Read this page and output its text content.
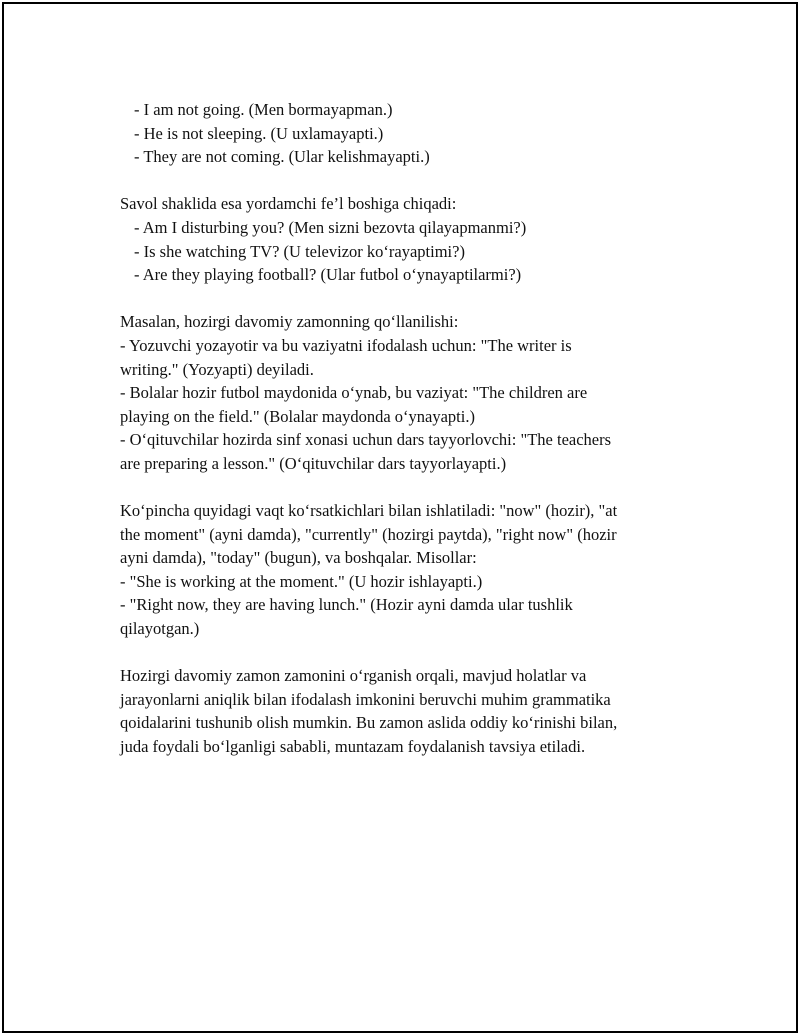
- I am not going. (Men bormayapman.)
- He is not sleeping. (U uxlamayapti.)
- They are not coming. (Ular kelishmayapti.)
Savol shaklida esa yordamchi fe’l boshiga chiqadi:
- Am I disturbing you? (Men sizni bezovta qilayapmanmi?)
- Is she watching TV? (U televizor ko‘rayaptimi?)
- Are they playing football? (Ular futbol o‘ynayaptilarmi?)
Masalan, hozirgi davomiy zamonning qo‘llanilishi:
- Yozuvchi yozayotir va bu vaziyatni ifodalash uchun: "The writer is
writing." (Yozyapti) deyiladi.
- Bolalar hozir futbol maydonida o‘ynab, bu vaziyat: "The children are
playing on the field." (Bolalar maydonda o‘ynayapti.)
- O‘qituvchilar hozirda sinf xonasi uchun dars tayyorlovchi: "The teachers
are preparing a lesson." (O‘qituvchilar dars tayyorlayapti.)
Ko‘pincha quyidagi vaqt ko‘rsatkichlari bilan ishlatiladi: "now" (hozir), "at
the moment" (ayni damda), "currently" (hozirgi paytda), "right now" (hozir
ayni damda), "today" (bugun), va boshqalar. Misollar:
- "She is working at the moment." (U hozir ishlayapti.)
- "Right now, they are having lunch." (Hozir ayni damda ular tushlik
qilayotgan.)
Hozirgi davomiy zamon zamonini o‘rganish orqali, mavjud holatlar va
jarayonlarni aniqlik bilan ifodalash imkonini beruvchi muhim grammatika
qoidalarini tushunib olish mumkin. Bu zamon aslida oddiy ko‘rinishi bilan,
juda foydali bo‘lganligi sababli, muntazam foydalanish tavsiya etiladi.
